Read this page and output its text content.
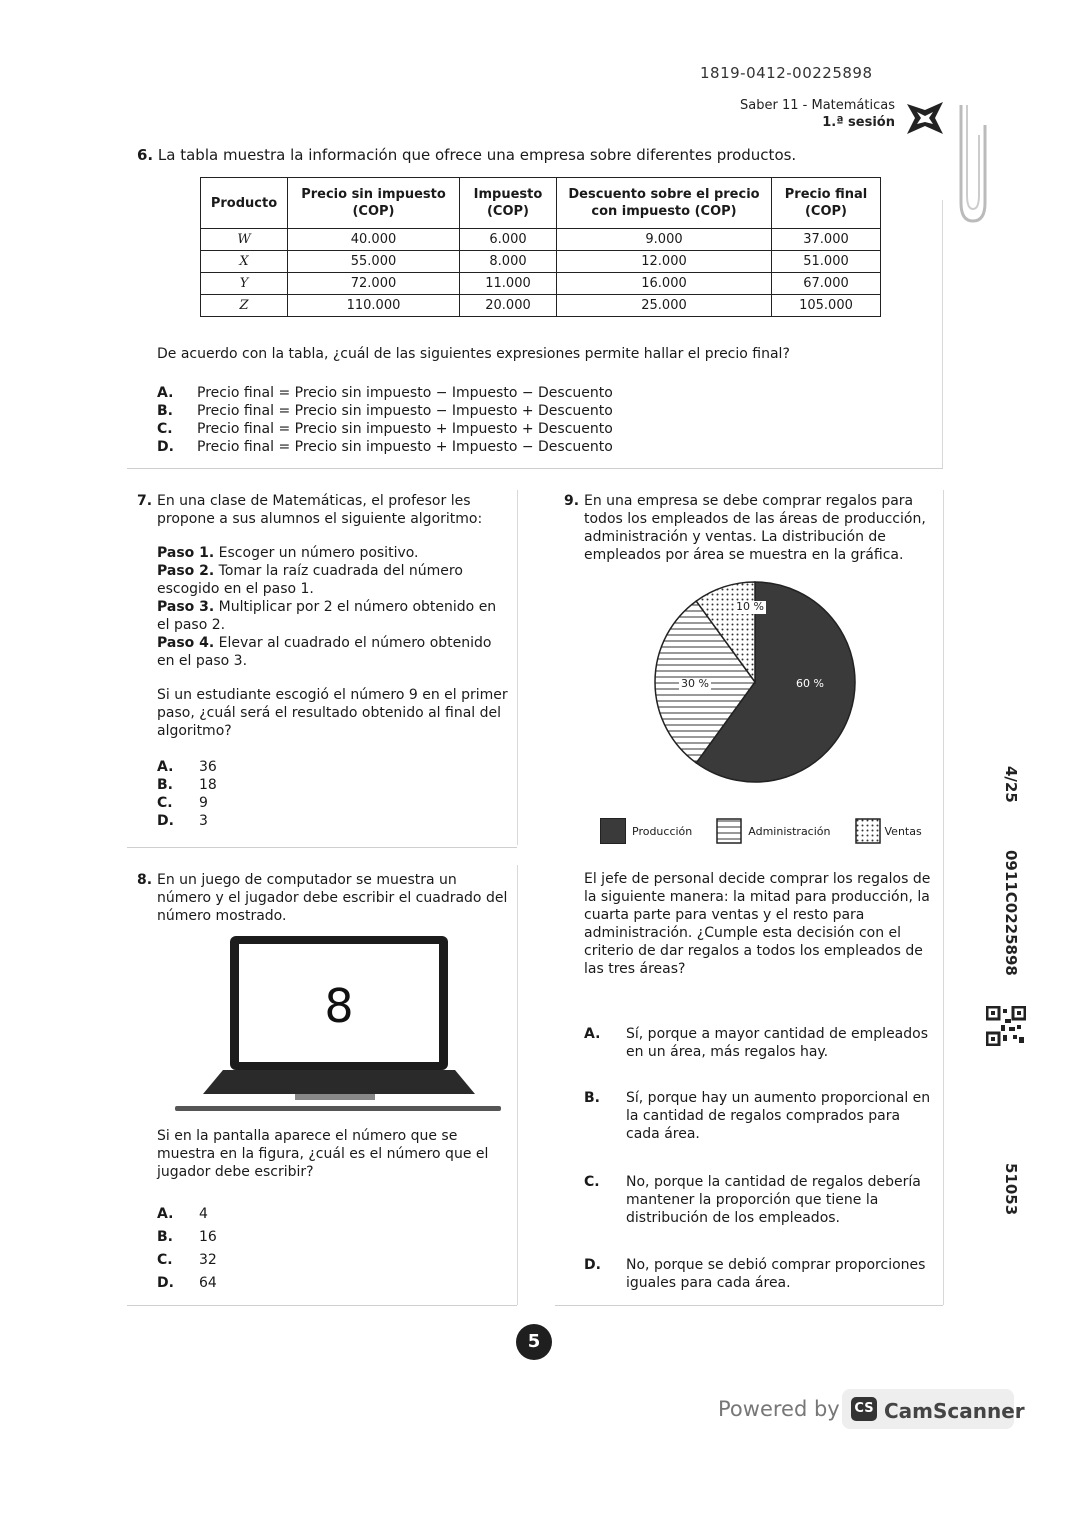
1819-0412-00225898
Saber 11 - Matemáticas
1.ª sesión
6. La tabla muestra la información que ofrece una empresa sobre diferentes productos.
Producto	Precio sin impuesto (COP)	Impuesto (COP)	Descuento sobre el precio con impuesto (COP)	Precio final (COP)
W	40.000	6.000	9.000	37.000
X	55.000	8.000	12.000	51.000
Y	72.000	11.000	16.000	67.000
Z	110.000	20.000	25.000	105.000
De acuerdo con la tabla, ¿cuál de las siguientes expresiones permite hallar el precio final?
A. Precio final = Precio sin impuesto − Impuesto − Descuento
B. Precio final = Precio sin impuesto − Impuesto + Descuento
C. Precio final = Precio sin impuesto + Impuesto + Descuento
D. Precio final = Precio sin impuesto + Impuesto − Descuento
7. En una clase de Matemáticas, el profesor les propone a sus alumnos el siguiente algoritmo:
Paso 1. Escoger un número positivo.
Paso 2. Tomar la raíz cuadrada del número escogido en el paso 1.
Paso 3. Multiplicar por 2 el número obtenido en el paso 2.
Paso 4. Elevar al cuadrado el número obtenido en el paso 3.
Si un estudiante escogió el número 9 en el primer paso, ¿cuál será el resultado obtenido al final del algoritmo?
A. 36
B. 18
C. 9
D. 3
8. En un juego de computador se muestra un número y el jugador debe escribir el cuadrado del número mostrado.
8
Si en la pantalla aparece el número que se muestra en la figura, ¿cuál es el número que el jugador debe escribir?
A. 4
B. 16
C. 32
D. 64
9. En una empresa se debe comprar regalos para todos los empleados de las áreas de producción, administración y ventas. La distribución de empleados por área se muestra en la gráfica.
60 %
30 %
10 %
Producción	Administración	Ventas
El jefe de personal decide comprar los regalos de la siguiente manera: la mitad para producción, la cuarta parte para ventas y el resto para administración. ¿Cumple esta decisión con el criterio de dar regalos a todos los empleados de las tres áreas?
A.	Sí, porque a mayor cantidad de empleados en un área, más regalos hay.
B.	Sí, porque hay un aumento proporcional en la cantidad de regalos comprados para cada área.
C.	No, porque la cantidad de regalos debería mantener la proporción que tiene la distribución de los empleados.
D.	No, porque se debió comprar proporciones iguales para cada área.
4/25
0911C0225898
51053
5
Powered by CS CamScanner
